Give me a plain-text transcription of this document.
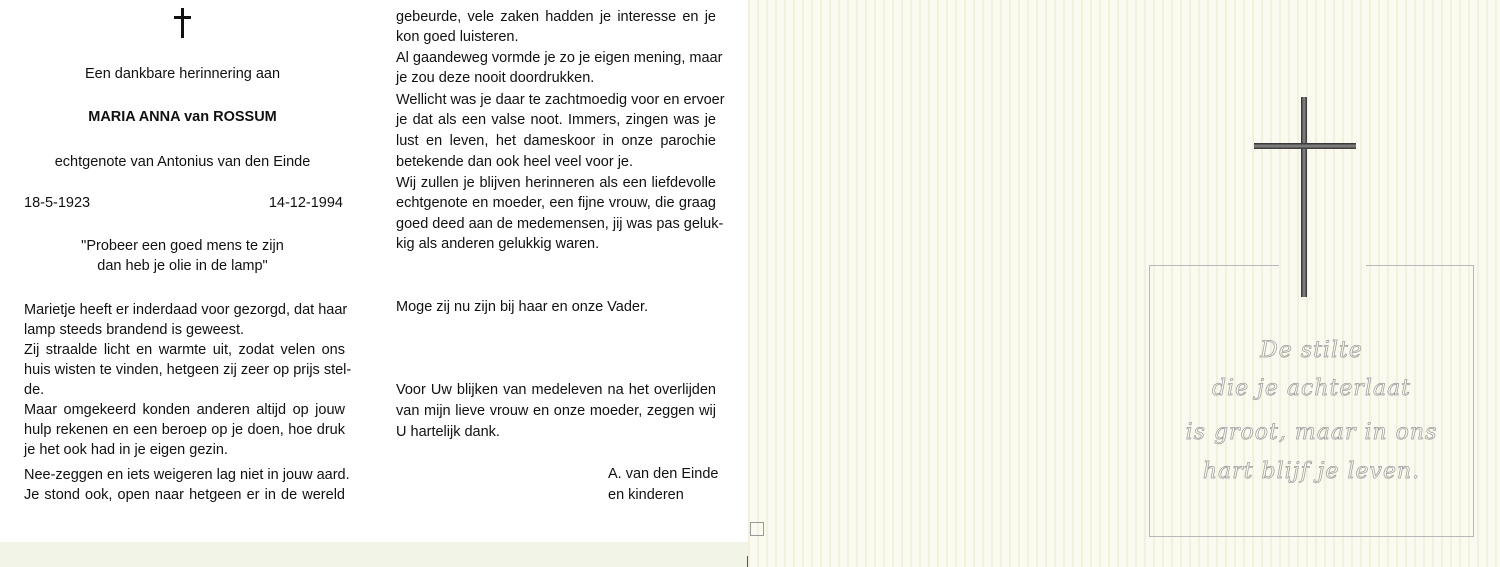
Een dankbare herinnering aan
MARIA ANNA van ROSSUM
echtgenote van Antonius van den Einde
18-5-1923	14-12-1994
"Probeer een goed mens te zijn
dan heb je olie in de lamp"
Marietje heeft er inderdaad voor gezorgd, dat haar
lamp steeds brandend is geweest.
Zij straalde licht en warmte uit, zodat velen ons
huis wisten te vinden, hetgeen zij zeer op prijs stel-
de.
Maar omgekeerd konden anderen altijd op jouw
hulp rekenen en een beroep op je doen, hoe druk
je het ook had in je eigen gezin.
Nee-zeggen en iets weigeren lag niet in jouw aard.
Je stond ook, open naar hetgeen er in de wereld
gebeurde, vele zaken hadden je interesse en je
kon goed luisteren.
Al gaandeweg vormde je zo je eigen mening, maar
je zou deze nooit doordrukken.
Wellicht was je daar te zachtmoedig voor en ervoer
je dat als een valse noot. Immers, zingen was je
lust en leven, het dameskoor in onze parochie
betekende dan ook heel veel voor je.
Wij zullen je blijven herinneren als een liefdevolle
echtgenote en moeder, een fijne vrouw, die graag
goed deed aan de medemensen, jij was pas geluk-
kig als anderen gelukkig waren.
Moge zij nu zijn bij haar en onze Vader.
Voor Uw blijken van medeleven na het overlijden
van mijn lieve vrouw en onze moeder, zeggen wij
U hartelijk dank.
A. van den Einde
en kinderen
De stilte
die je achterlaat
is groot, maar in ons
hart blijf je leven.
